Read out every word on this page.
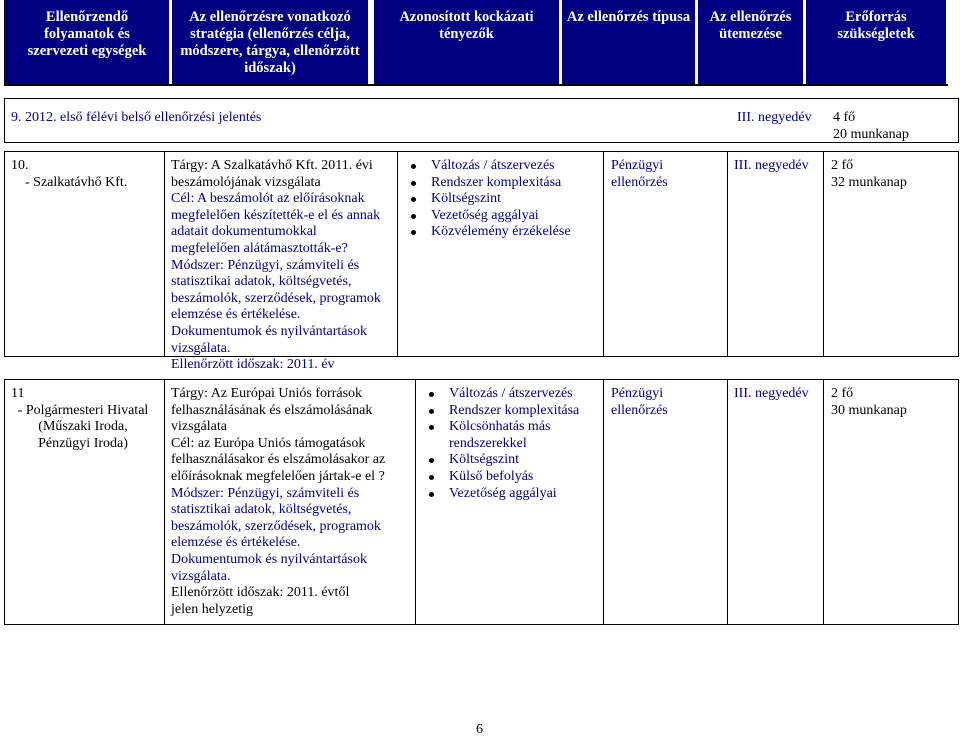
Ellenőrzendő
folyamatok és
szervezeti egységek
Az ellenőrzésre vonatkozó
stratégia (ellenőrzés célja,
módszere, tárgya, ellenőrzött
időszak)
Azonosított kockázati
tényezők
Az ellenőrzés típusa	Az ellenőrzés
ütemezése
Erőforrás
szükségletek
9. 2012. első félévi belső ellenőrzési jelentés	III. negyedév 4 fő
20 munkanap
10.
- Szalkatávhő Kft.
Tárgy: A Szalkatávhő Kft. 2011. évi
beszámolójának vizsgálata
Cél: A beszámolót az előírásoknak
megfelelően készítették-e el és annak
adatait dokumentumokkal
megfelelően alátámasztották-e?
Módszer: Pénzügyi, számviteli és
statisztikai adatok, költségvetés,
beszámolók, szerződések, programok
elemzése és értékelése.
Dokumentumok és nyilvántartások
vizsgálata.
Ellenőrzött időszak: 2011. év
Változás / átszervezés
Rendszer komplexitása
Költségszint
Vezetőség aggályai
Közvélemény érzékelése
Pénzügyi
ellenőrzés
III. negyedév 2 fő
32 munkanap
11
- Polgármesteri Hivatal
(Műszaki Iroda,
Pénzügyi Iroda)
Tárgy: Az Európai Uniós források
felhasználásának és elszámolásának
vizsgálata
Cél: az Európa Uniós támogatások
felhasználásakor és elszámolásakor az
előírásoknak megfelelően jártak-e el ?
Módszer: Pénzügyi, számviteli és
statisztikai adatok, költségvetés,
beszámolók, szerződések, programok
elemzése és értékelése.
Dokumentumok és nyilvántartások
vizsgálata.
Ellenőrzött időszak: 2011. évtől
jelen helyzetig
Változás / átszervezés
Rendszer komplexitása
Kölcsönhatás más
rendszerekkel
Költségszint
Külső befolyás
Vezetőség aggályai
Pénzügyi
ellenőrzés
III. negyedév 2 fő
30 munkanap
6
